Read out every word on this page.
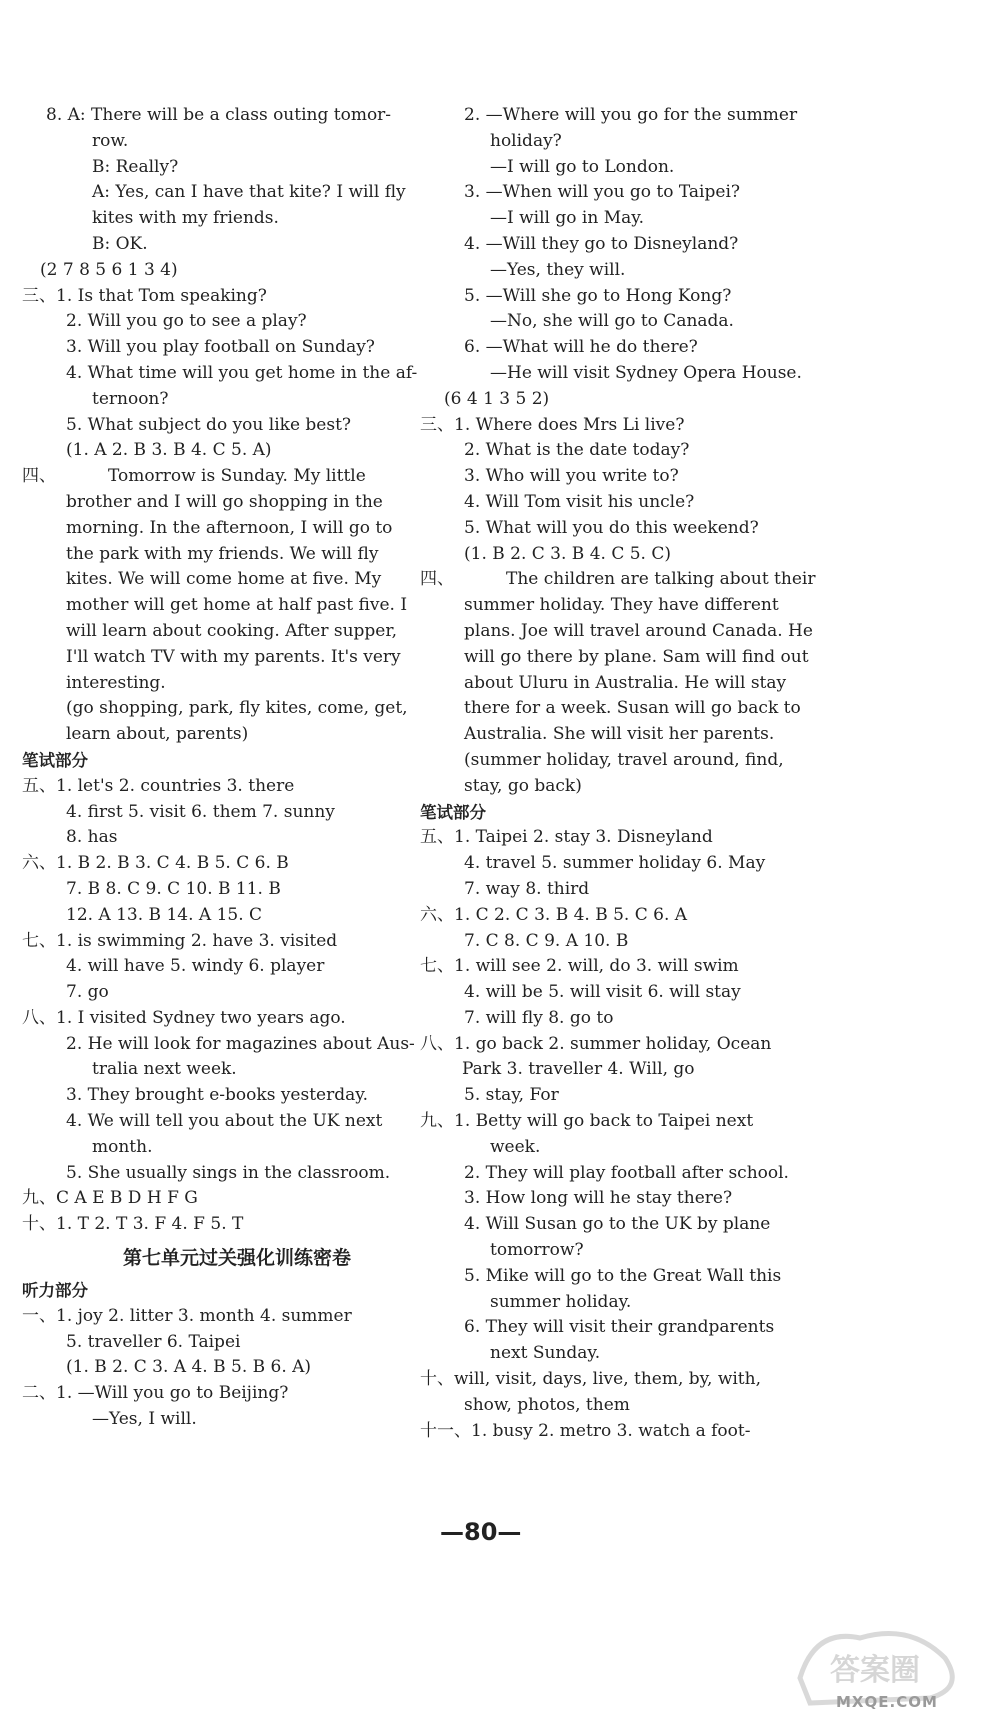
8. A: There will be a class outing tomor-
row.
B: Really?
A: Yes, can I have that kite? I will fly
kites with my friends.
B: OK.
(2 7 8 5 6 1 3 4)
三、1. Is that Tom speaking?
2. Will you go to see a play?
3. Will you play football on Sunday?
4. What time will you get home in the af-
ternoon?
5. What subject do you like best?
(1. A 2. B 3. B 4. C 5. A)
四、	Tomorrow is Sunday. My little
brother and I will go shopping in the
morning. In the afternoon, I will go to
the park with my friends. We will fly
kites. We will come home at five. My
mother will get home at half past five. I
will learn about cooking. After supper,
I'll watch TV with my parents. It's very
interesting.
(go shopping, park, fly kites, come, get,
learn about, parents)
笔试部分
五、1. let's 2. countries 3. there
4. first 5. visit 6. them 7. sunny
8. has
六、1. B 2. B 3. C 4. B 5. C 6. B
7. B 8. C 9. C 10. B 11. B
12. A 13. B 14. A 15. C
七、1. is swimming 2. have 3. visited
4. will have 5. windy 6. player
7. go
八、1. I visited Sydney two years ago.
2. He will look for magazines about Aus-
tralia next week.
3. They brought e-books yesterday.
4. We will tell you about the UK next
month.
5. She usually sings in the classroom.
九、C A E B D H F G
十、1. T 2. T 3. F 4. F 5. T
第七单元过关强化训练密卷
听力部分
一、1. joy 2. litter 3. month 4. summer
5. traveller 6. Taipei
(1. B 2. C 3. A 4. B 5. B 6. A)
二、1. —Will you go to Beijing?
—Yes, I will.
2. —Where will you go for the summer
holiday?
—I will go to London.
3. —When will you go to Taipei?
—I will go in May.
4. —Will they go to Disneyland?
—Yes, they will.
5. —Will she go to Hong Kong?
—No, she will go to Canada.
6. —What will he do there?
—He will visit Sydney Opera House.
(6 4 1 3 5 2)
三、1. Where does Mrs Li live?
2. What is the date today?
3. Who will you write to?
4. Will Tom visit his uncle?
5. What will you do this weekend?
(1. B 2. C 3. B 4. C 5. C)
四、	The children are talking about their
summer holiday. They have different
plans. Joe will travel around Canada. He
will go there by plane. Sam will find out
about Uluru in Australia. He will stay
there for a week. Susan will go back to
Australia. She will visit her parents.
(summer holiday, travel around, find,
stay, go back)
笔试部分
五、1. Taipei 2. stay 3. Disneyland
4. travel 5. summer holiday 6. May
7. way 8. third
六、1. C 2. C 3. B 4. B 5. C 6. A
7. C 8. C 9. A 10. B
七、1. will see 2. will, do 3. will swim
4. will be 5. will visit 6. will stay
7. will fly 8. go to
八、1. go back 2. summer holiday, Ocean
Park 3. traveller 4. Will, go
5. stay, For
九、1. Betty will go back to Taipei next
week.
2. They will play football after school.
3. How long will he stay there?
4. Will Susan go to the UK by plane
tomorrow?
5. Mike will go to the Great Wall this
summer holiday.
6. They will visit their grandparents
next Sunday.
十、will, visit, days, live, them, by, with,
show, photos, them
十一、1. busy 2. metro 3. watch a foot-
—80—
答案圈
MXQE.COM
